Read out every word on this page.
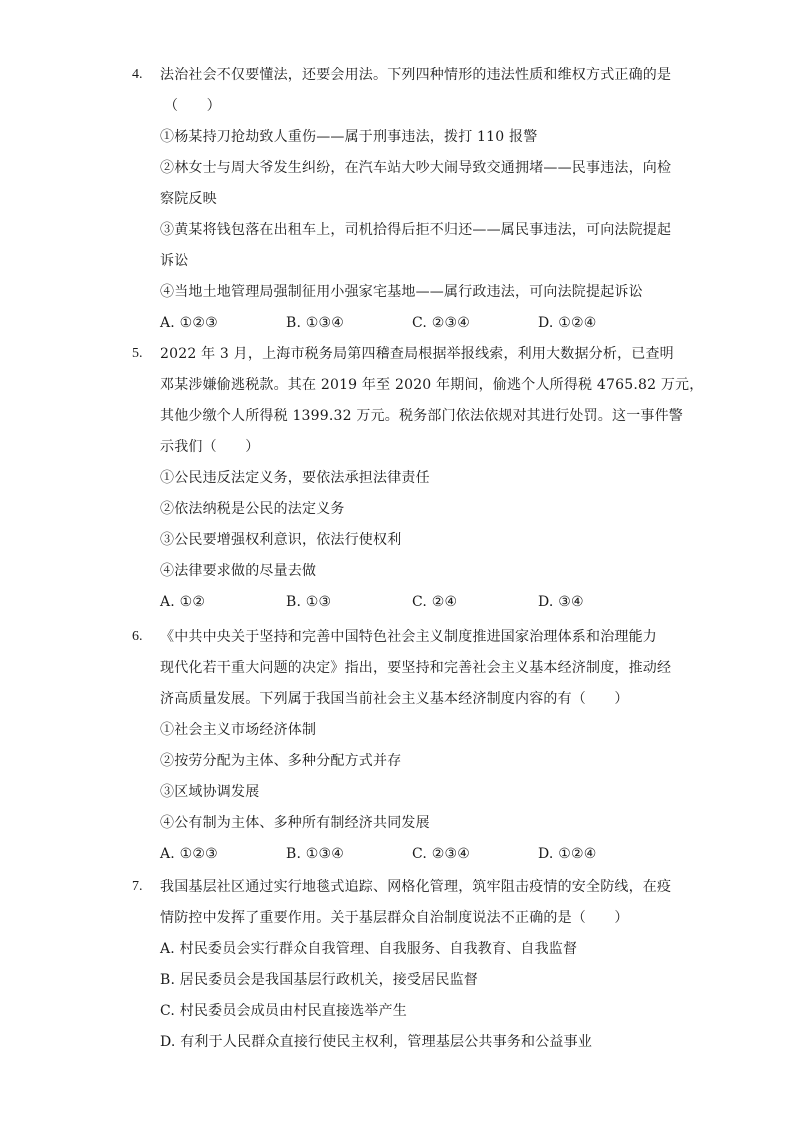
4.	法治社会不仅要懂法，还要会用法。下列四种情形的违法性质和维权方式正确的是
（　　）
①杨某持刀抢劫致人重伤——属于刑事违法，拨打 110 报警
②林女士与周大爷发生纠纷，在汽车站大吵大闹导致交通拥堵——民事违法，向检
察院反映
③黄某将钱包落在出租车上，司机拾得后拒不归还——属民事违法，可向法院提起
诉讼
④当地土地管理局强制征用小强家宅基地——属行政违法，可向法院提起诉讼
A. ①②③	B. ①③④	C. ②③④	D. ①②④
5.	2022 年 3 月，上海市税务局第四稽查局根据举报线索，利用大数据分析，已查明
邓某涉嫌偷逃税款。其在 2019 年至 2020 年期间，偷逃个人所得税 4765.82 万元，
其他少缴个人所得税 1399.32 万元。税务部门依法依规对其进行处罚。这一事件警
示我们（　　）
①公民违反法定义务，要依法承担法律责任
②依法纳税是公民的法定义务
③公民要增强权利意识，依法行使权利
④法律要求做的尽量去做
A. ①②	B. ①③	C. ②④	D. ③④
6.	《中共中央关于坚持和完善中国特色社会主义制度推进国家治理体系和治理能力
现代化若干重大问题的决定》指出，要坚持和完善社会主义基本经济制度，推动经
济高质量发展。下列属于我国当前社会主义基本经济制度内容的有（　　）
①社会主义市场经济体制
②按劳分配为主体、多种分配方式并存
③区域协调发展
④公有制为主体、多种所有制经济共同发展
A. ①②③	B. ①③④	C. ②③④	D. ①②④
7.	我国基层社区通过实行地毯式追踪、网格化管理，筑牢阻击疫情的安全防线，在疫
情防控中发挥了重要作用。关于基层群众自治制度说法不正确的是（　　）
A. 村民委员会实行群众自我管理、自我服务、自我教育、自我监督
B. 居民委员会是我国基层行政机关，接受居民监督
C. 村民委员会成员由村民直接选举产生
D. 有利于人民群众直接行使民主权利，管理基层公共事务和公益事业
